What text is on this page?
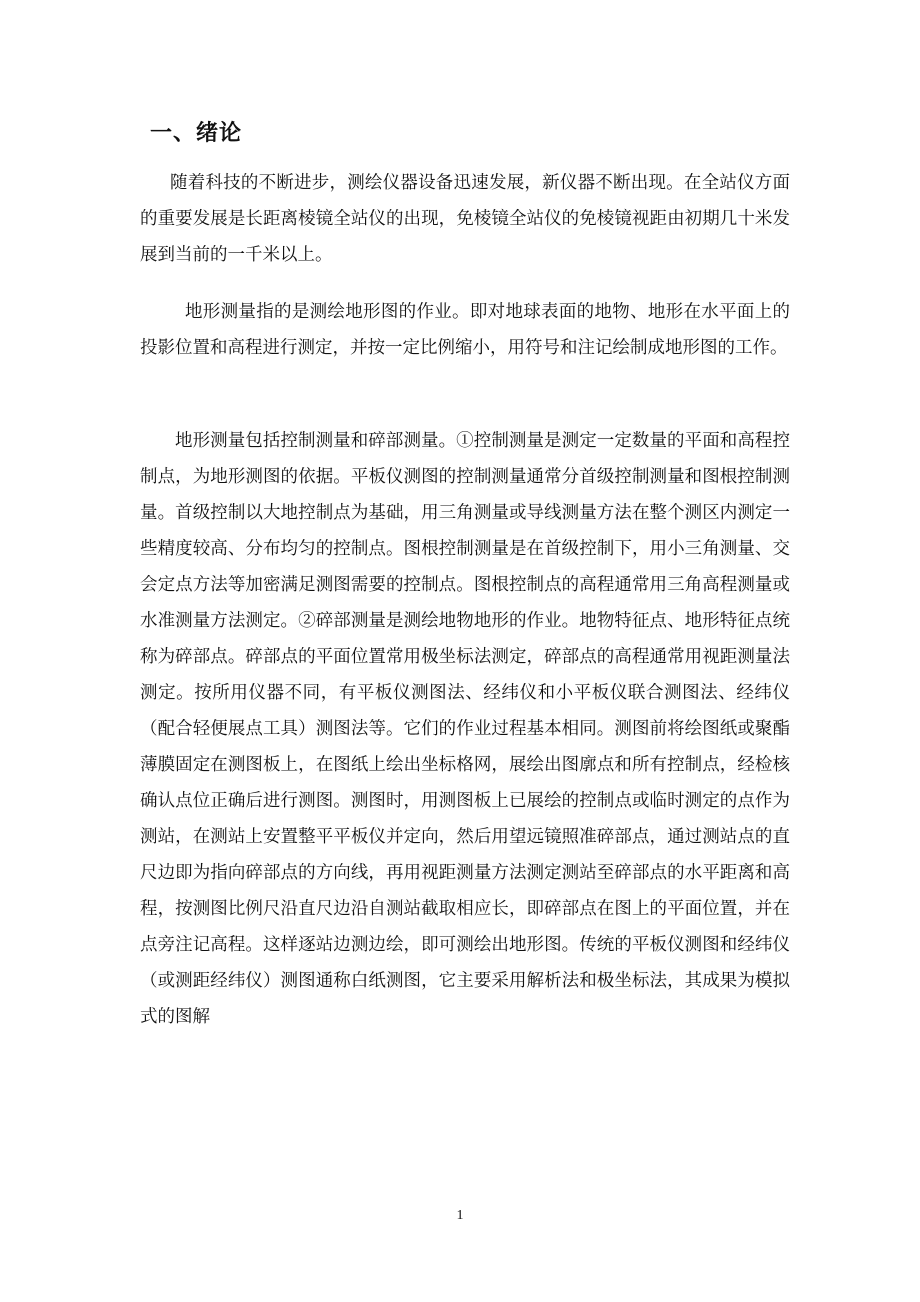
一、绪论

随着科技的不断进步，测绘仪器设备迅速发展，新仪器不断出现。在全站仪方面的重要发展是长距离棱镜全站仪的出现，免棱镜全站仪的免棱镜视距由初期几十米发展到当前的一千米以上。

地形测量指的是测绘地形图的作业。即对地球表面的地物、地形在水平面上的投影位置和高程进行测定，并按一定比例缩小，用符号和注记绘制成地形图的工作。

地形测量包括控制测量和碎部测量。①控制测量是测定一定数量的平面和高程控制点，为地形测图的依据。平板仪测图的控制测量通常分首级控制测量和图根控制测量。首级控制以大地控制点为基础，用三角测量或导线测量方法在整个测区内测定一些精度较高、分布均匀的控制点。图根控制测量是在首级控制下，用小三角测量、交会定点方法等加密满足测图需要的控制点。图根控制点的高程通常用三角高程测量或水准测量方法测定。②碎部测量是测绘地物地形的作业。地物特征点、地形特征点统称为碎部点。碎部点的平面位置常用极坐标法测定，碎部点的高程通常用视距测量法测定。按所用仪器不同，有平板仪测图法、经纬仪和小平板仪联合测图法、经纬仪（配合轻便展点工具）测图法等。它们的作业过程基本相同。测图前将绘图纸或聚酯薄膜固定在测图板上，在图纸上绘出坐标格网，展绘出图廓点和所有控制点，经检核确认点位正确后进行测图。测图时，用测图板上已展绘的控制点或临时测定的点作为测站，在测站上安置整平平板仪并定向，然后用望远镜照准碎部点，通过测站点的直尺边即为指向碎部点的方向线，再用视距测量方法测定测站至碎部点的水平距离和高程，按测图比例尺沿直尺边沿自测站截取相应长，即碎部点在图上的平面位置，并在点旁注记高程。这样逐站边测边绘，即可测绘出地形图。传统的平板仪测图和经纬仪（或测距经纬仪）测图通称白纸测图，它主要采用解析法和极坐标法，其成果为模拟式的图解

1
